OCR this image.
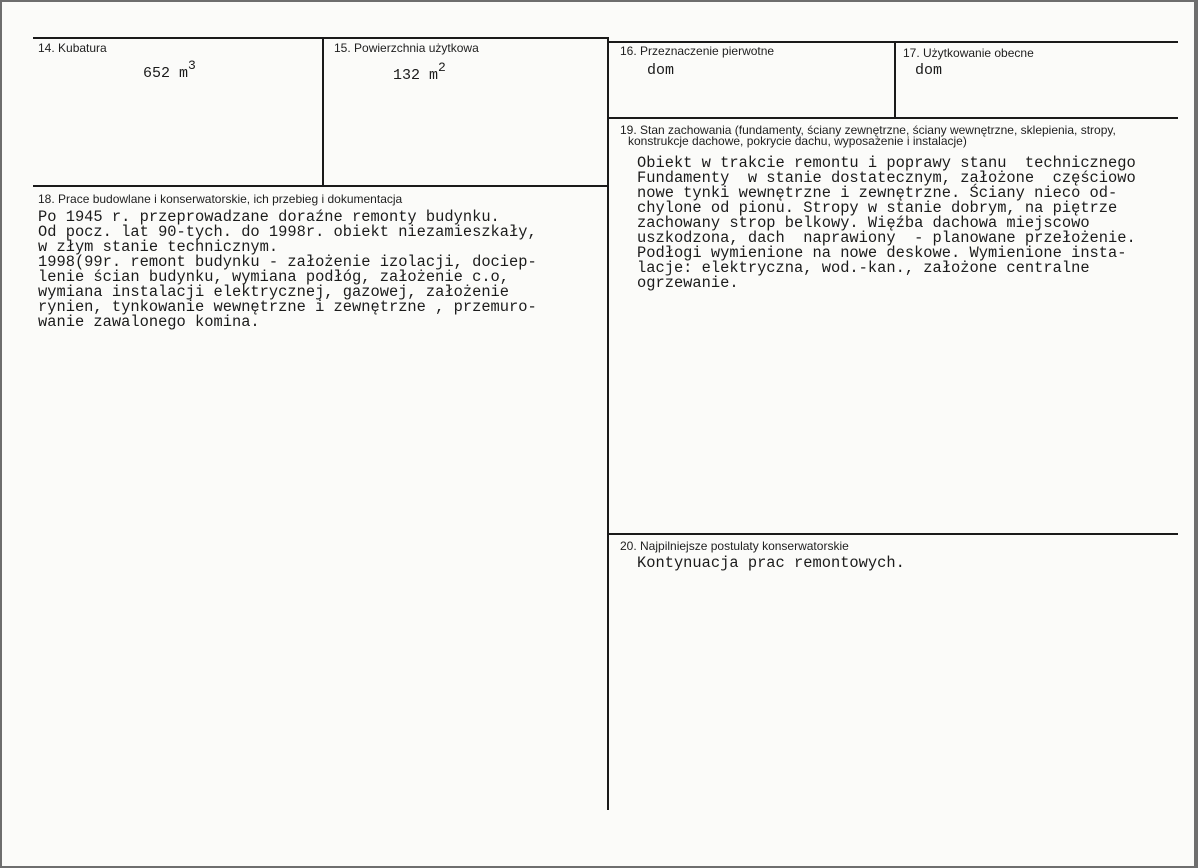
14. Kubatura
652 $m^3$
15. Powierzchnia użytkowa
132 $m^2$
16. Przeznaczenie pierwotne
dom
17. Użytkowanie obecne
dom
18. Prace budowlane i konserwatorskie, ich przebieg i dokumentacja
Po 1945 r. przeprowadzane doraźne remonty budynku.
Od pocz. lat 90-tych. do 1998r. obiekt niezamieszkały,
w złym stanie technicznym.
1998(99r. remont budynku - założenie izolacji, dociep-
lenie ścian budynku, wymiana podłóg, założenie c.o,
wymiana instalacji elektrycznej, gazowej, założenie
rynien, tynkowanie wewnętrzne i zewnętrzne , przemuro-
wanie zawalonego komina.
19. Stan zachowania (fundamenty, ściany zewnętrzne, ściany wewnętrzne, sklepienia, stropy,
konstrukcje dachowe, pokrycie dachu, wyposażenie i instalacje)
Obiekt w trakcie remontu i poprawy stanu  technicznego
Fundamenty  w stanie dostatecznym, założone  częściowo
nowe tynki wewnętrzne i zewnętrzne. Ściany nieco od-
chylone od pionu. Stropy w stanie dobrym, na piętrze
zachowany strop belkowy. Więźba dachowa miejscowo
uszkodzona, dach  naprawiony  - planowane przełożenie.
Podłogi wymienione na nowe deskowe. Wymienione insta-
lacje: elektryczna, wod.-kan., założone centralne
ogrzewanie.
20. Najpilniejsze postulaty konserwatorskie
Kontynuacja prac remontowych.
